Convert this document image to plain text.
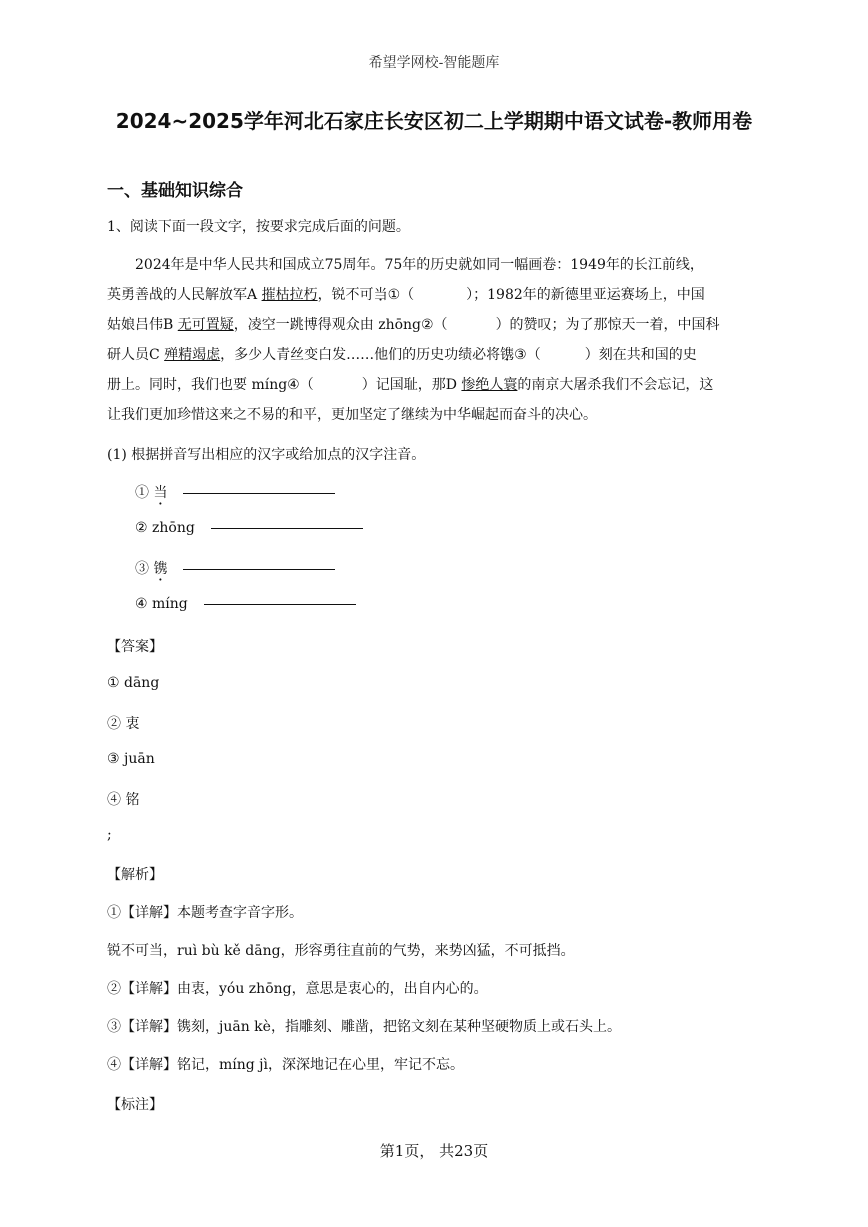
希望学网校-智能题库
2024~2025学年河北石家庄长安区初二上学期期中语文试卷-教师用卷
一、基础知识综合
1、阅读下面一段文字，按要求完成后面的问题。
2024年是中华人民共和国成立75周年。75年的历史就如同一幅画卷：1949年的长江前线，
英勇善战的人民解放军A 摧枯拉朽，锐不可当①（	）；1982年的新德里亚运赛场上，中国
姑娘吕伟B 无可置疑，凌空一跳博得观众由 zhōng②（	）的赞叹；为了那惊天一着，中国科
研人员C 殚精竭虑，多少人青丝变白发……他们的历史功绩必将镌③（	）刻在共和国的史
册上。同时，我们也要 míng④（	）记国耻，那D 惨绝人寰的南京大屠杀我们不会忘记，这
让我们更加珍惜这来之不易的和平，更加坚定了继续为中华崛起而奋斗的决心。
(1) 根据拼音写出相应的汉字或给加点的汉字注音。
① 当
② zhōng
③ 镌
④ míng
【答案】
① dāng
② 衷
③ juān
④ 铭
;
【解析】
①【详解】本题考查字音字形。
锐不可当，ruì bù kě dāng，形容勇往直前的气势，来势凶猛，不可抵挡。
②【详解】由衷，yóu zhōng，意思是衷心的，出自内心的。
③【详解】镌刻，juān kè，指雕刻、雕凿，把铭文刻在某种坚硬物质上或石头上。
④【详解】铭记，míng jì，深深地记在心里，牢记不忘。
【标注】
第1页， 共23页
